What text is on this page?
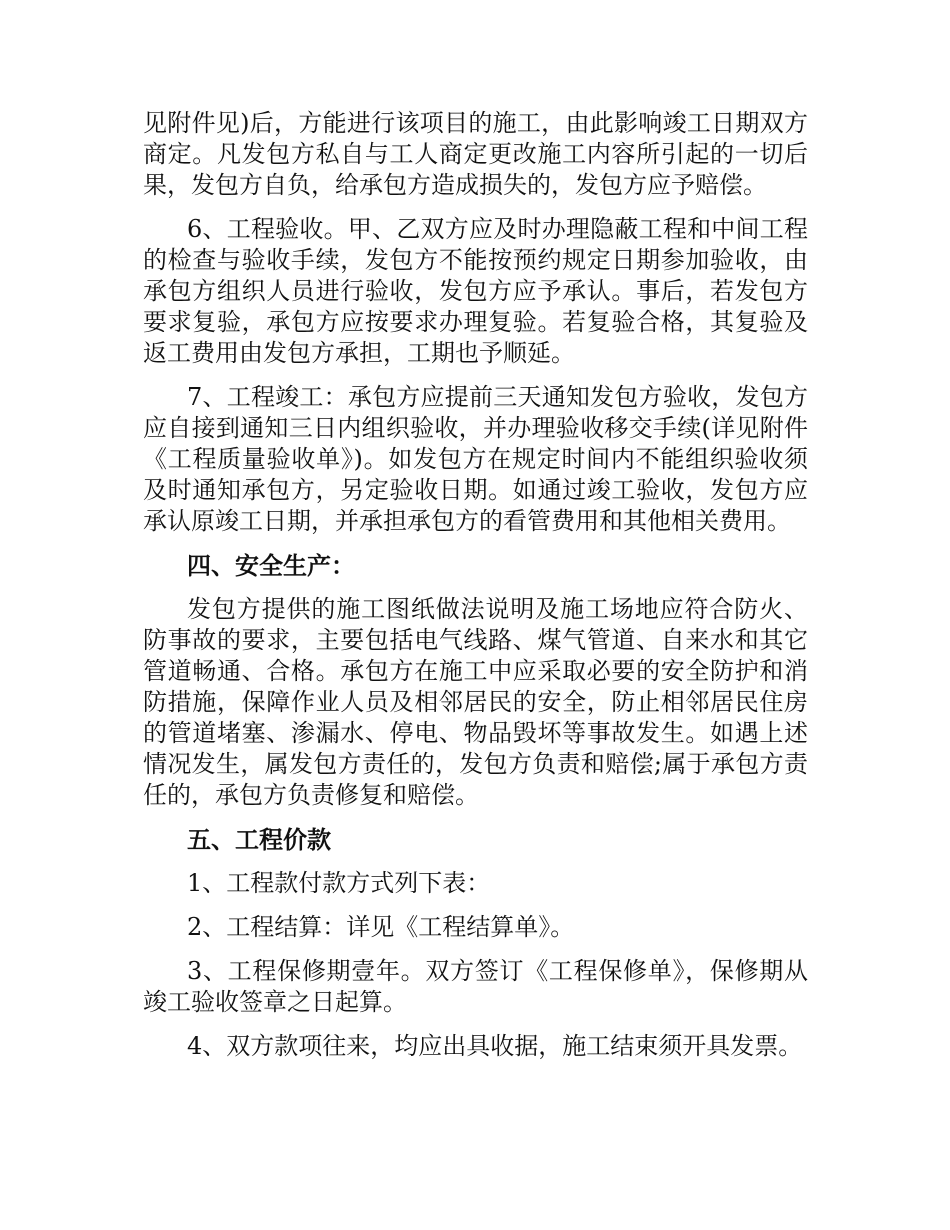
见附件见)后，方能进行该项目的施工，由此影响竣工日期双方商定。凡发包方私自与工人商定更改施工内容所引起的一切后果，发包方自负，给承包方造成损失的，发包方应予赔偿。

6、工程验收。甲、乙双方应及时办理隐蔽工程和中间工程的检查与验收手续，发包方不能按预约规定日期参加验收，由承包方组织人员进行验收，发包方应予承认。事后，若发包方要求复验，承包方应按要求办理复验。若复验合格，其复验及返工费用由发包方承担，工期也予顺延。

7、工程竣工：承包方应提前三天通知发包方验收，发包方应自接到通知三日内组织验收，并办理验收移交手续(详见附件《工程质量验收单》)。如发包方在规定时间内不能组织验收须及时通知承包方，另定验收日期。如通过竣工验收，发包方应承认原竣工日期，并承担承包方的看管费用和其他相关费用。

四、安全生产：

发包方提供的施工图纸做法说明及施工场地应符合防火、防事故的要求，主要包括电气线路、煤气管道、自来水和其它管道畅通、合格。承包方在施工中应采取必要的安全防护和消防措施，保障作业人员及相邻居民的安全，防止相邻居民住房的管道堵塞、渗漏水、停电、物品毁坏等事故发生。如遇上述情况发生，属发包方责任的，发包方负责和赔偿;属于承包方责任的，承包方负责修复和赔偿。

五、工程价款

1、工程款付款方式列下表：

2、工程结算：详见《工程结算单》。

3、工程保修期壹年。双方签订《工程保修单》，保修期从竣工验收签章之日起算。

4、双方款项往来，均应出具收据，施工结束须开具发票。
